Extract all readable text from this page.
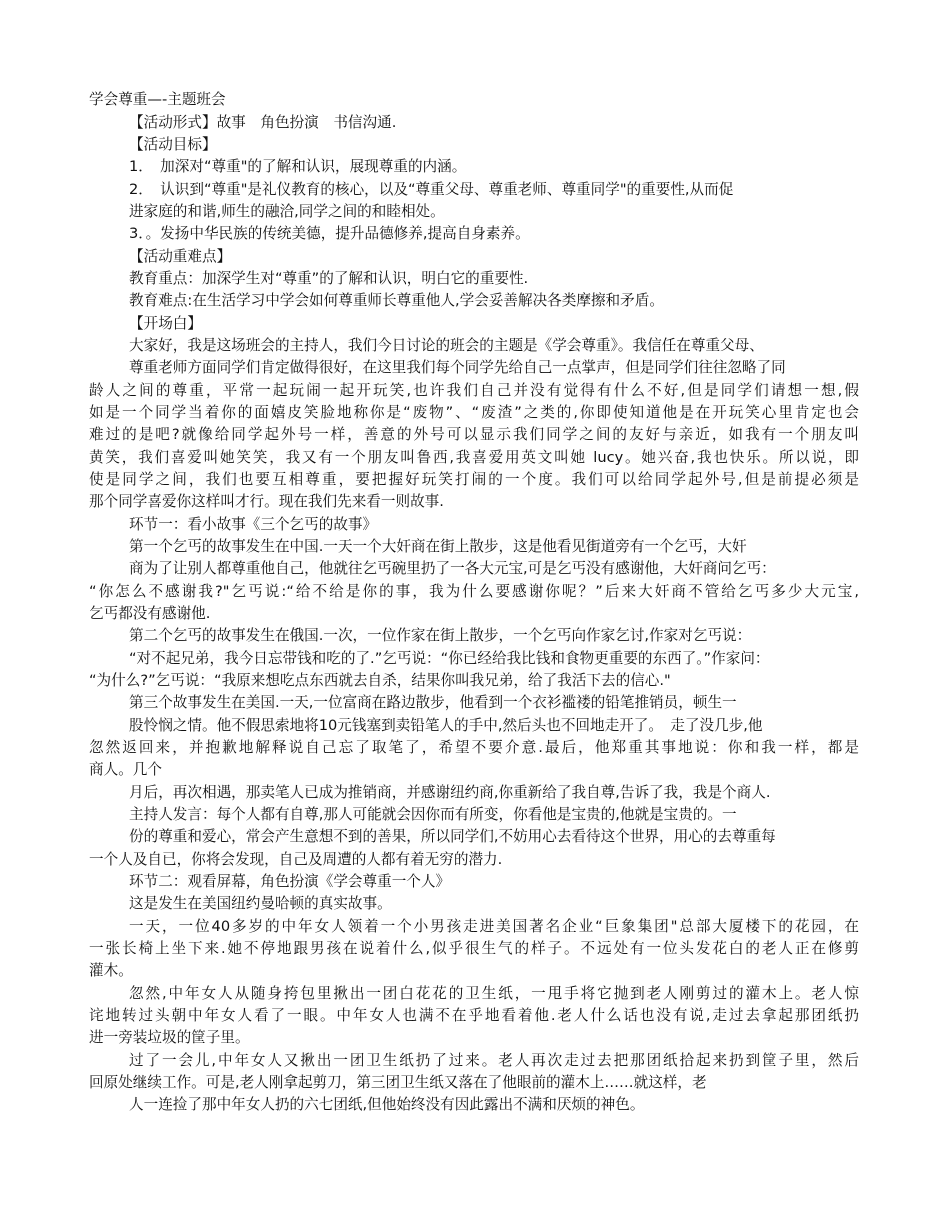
学会尊重—-主题班会

【活动形式】故事　角色扮演　书信沟通.

【活动目标】

1．　加深对“尊重"的了解和认识，展现尊重的内涵。

2．　认识到“尊重"是礼仪教育的核心，以及“尊重父母、尊重老师、尊重同学"的重要性,从而促

进家庭的和谐,师生的融洽,同学之间的和睦相处。

3．。发扬中华民族的传统美德，提升品德修养,提高自身素养。

【活动重难点】

教育重点：加深学生对“尊重”的了解和认识，明白它的重要性.

教育难点:在生活学习中学会如何尊重师长尊重他人,学会妥善解决各类摩擦和矛盾。

【开场白】

大家好，我是这场班会的主持人，我们今日讨论的班会的主题是《学会尊重》。我信任在尊重父母、

尊重老师方面同学们肯定做得很好，在这里我们每个同学先给自己一点掌声，但是同学们往往忽略了同

龄人之间的尊重，平常一起玩闹一起开玩笑,也许我们自己并没有觉得有什么不好,但是同学们请想一想,假

如是一个同学当着你的面嬉皮笑脸地称你是“废物”、“废渣”之类的,你即使知道他是在开玩笑心里肯定也会

难过的是吧?就像给同学起外号一样，善意的外号可以显示我们同学之间的友好与亲近，如我有一个朋友叫

黄笑，我们喜爱叫她笑笑，我又有一个朋友叫鲁西,我喜爱用英文叫她 lucy。她兴奋,我也快乐。所以说，即

使是同学之间，我们也要互相尊重，要把握好玩笑打闹的一个度。我们可以给同学起外号,但是前提必须是

那个同学喜爱你这样叫才行。现在我们先来看一则故事.

环节一：看小故事《三个乞丐的故事》

第一个乞丐的故事发生在中国.一天一个大奸商在街上散步，这是他看见街道旁有一个乞丐，大奸

商为了让别人都尊重他自己，他就往乞丐碗里扔了一各大元宝,可是乞丐没有感谢他，大奸商问乞丐：

“你怎么不感谢我?"乞丐说:“给不给是你的事，我为什么要感谢你呢？”后来大奸商不管给乞丐多少大元宝,

乞丐都没有感谢他.

第二个乞丐的故事发生在俄国.一次，一位作家在街上散步，一个乞丐向作家乞讨,作家对乞丐说：

“对不起兄弟，我今日忘带钱和吃的了.”乞丐说：“你已经给我比钱和食物更重要的东西了。”作家问：

“为什么?”乞丐说：“我原来想吃点东西就去自杀，结果你叫我兄弟，给了我活下去的信心."

第三个故事发生在美国.一天,一位富商在路边散步，他看到一个衣衫褴褛的铅笔推销员，顿生一

股怜悯之情。他不假思索地将10元钱塞到卖铅笔人的手中,然后头也不回地走开了。　走了没几步,他

忽然返回来，并抱歉地解释说自己忘了取笔了，希望不要介意.最后，他郑重其事地说：你和我一样，都是

商人。几个

月后，再次相遇，那卖笔人已成为推销商，并感谢纽约商,你重新给了我自尊,告诉了我，我是个商人.

主持人发言：每个人都有自尊,那人可能就会因你而有所变，你看他是宝贵的,他就是宝贵的。一

份的尊重和爱心，常会产生意想不到的善果，所以同学们,不妨用心去看待这个世界，用心的去尊重每

一个人及自已，你将会发现，自己及周遭的人都有着无穷的潜力.

环节二：观看屏幕，角色扮演《学会尊重一个人》

这是发生在美国纽约曼哈顿的真实故事。

一天，一位40多岁的中年女人领着一个小男孩走进美国著名企业“巨象集团"总部大厦楼下的花园，在

一张长椅上坐下来.她不停地跟男孩在说着什么,似乎很生气的样子。不远处有一位头发花白的老人正在修剪

灌木。

忽然,中年女人从随身挎包里揪出一团白花花的卫生纸，一甩手将它抛到老人刚剪过的灌木上。老人惊

诧地转过头朝中年女人看了一眼。中年女人也满不在乎地看着他.老人什么话也没有说,走过去拿起那团纸扔

进一旁装垃圾的筐子里。

过了一会儿,中年女人又揪出一团卫生纸扔了过来。老人再次走过去把那团纸拾起来扔到筐子里，然后

回原处继续工作。可是,老人刚拿起剪刀，第三团卫生纸又落在了他眼前的灌木上……就这样，老

人一连捡了那中年女人扔的六七团纸,但他始终没有因此露出不满和厌烦的神色。
